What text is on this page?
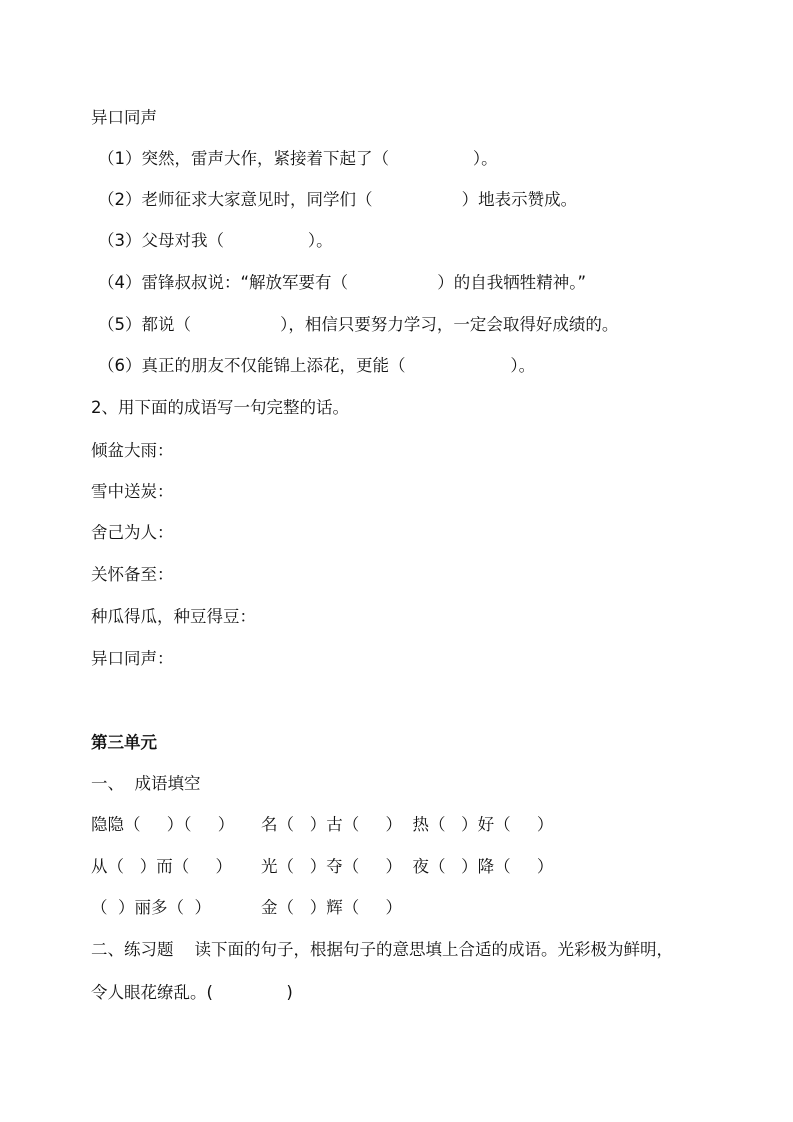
异口同声

（1）突然，雷声大作，紧接着下起了（                ）。

（2）老师征求大家意见时，同学们（                 ）地表示赞成。

（3）父母对我（                ）。

（4）雷锋叔叔说：“解放军要有（                 ）的自我牺牲精神。”

（5）都说（                 ），相信只要努力学习，一定会取得好成绩的。

（6）真正的朋友不仅能锦上添花，更能（                    ）。

2、用下面的成语写一句完整的话。

倾盆大雨：

雪中送炭：

舍己为人：

关怀备至：

种瓜得瓜，种豆得豆：

异口同声：

第三单元

一、  成语填空

隐隐（     ）（     ）

名（   ）古（     ）  热（   ）好（     ）

从（   ）而（     ）

光（   ）夺（     ）  夜（   ）降（     ）

（  ）丽多（  ）

	金（   ）辉（     ）

二、练习题    读下面的句子，根据句子的意思填上合适的成语。光彩极为鲜明，

令人眼花缭乱。(              )
